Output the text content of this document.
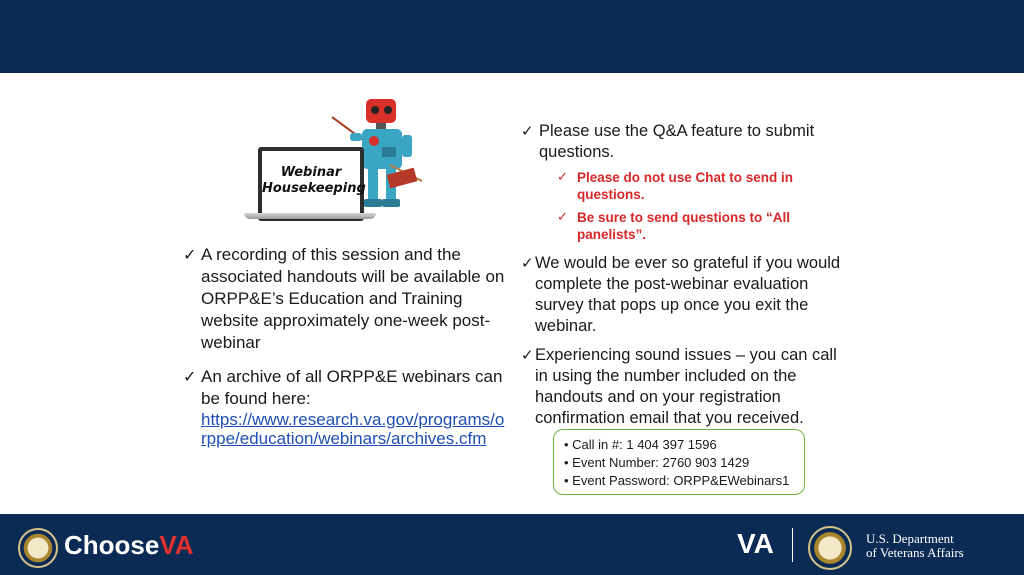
Webinar
Housekeeping
✓ A recording of this session and the associated handouts will be available on ORPP&E’s Education and Training website approximately one-week post-webinar
✓ An archive of all ORPP&E webinars can be found here:
https://www.research.va.gov/programs/orppe/education/webinars/archives.cfm
✓ Please use the Q&A feature to submit questions.
✓ Please do not use Chat to send in questions.
✓ Be sure to send questions to “All panelists”.
✓ We would be ever so grateful if you would complete the post-webinar evaluation survey that pops up once you exit the webinar.
✓ Experiencing sound issues – you can call in using the number included on the handouts and on your registration confirmation email that you received.
• Call in #: 1 404 397 1596
• Event Number: 2760 903 1429
• Event Password: ORPP&EWebinars1
ChooseVA	VA	U.S. Department
of Veterans Affairs
